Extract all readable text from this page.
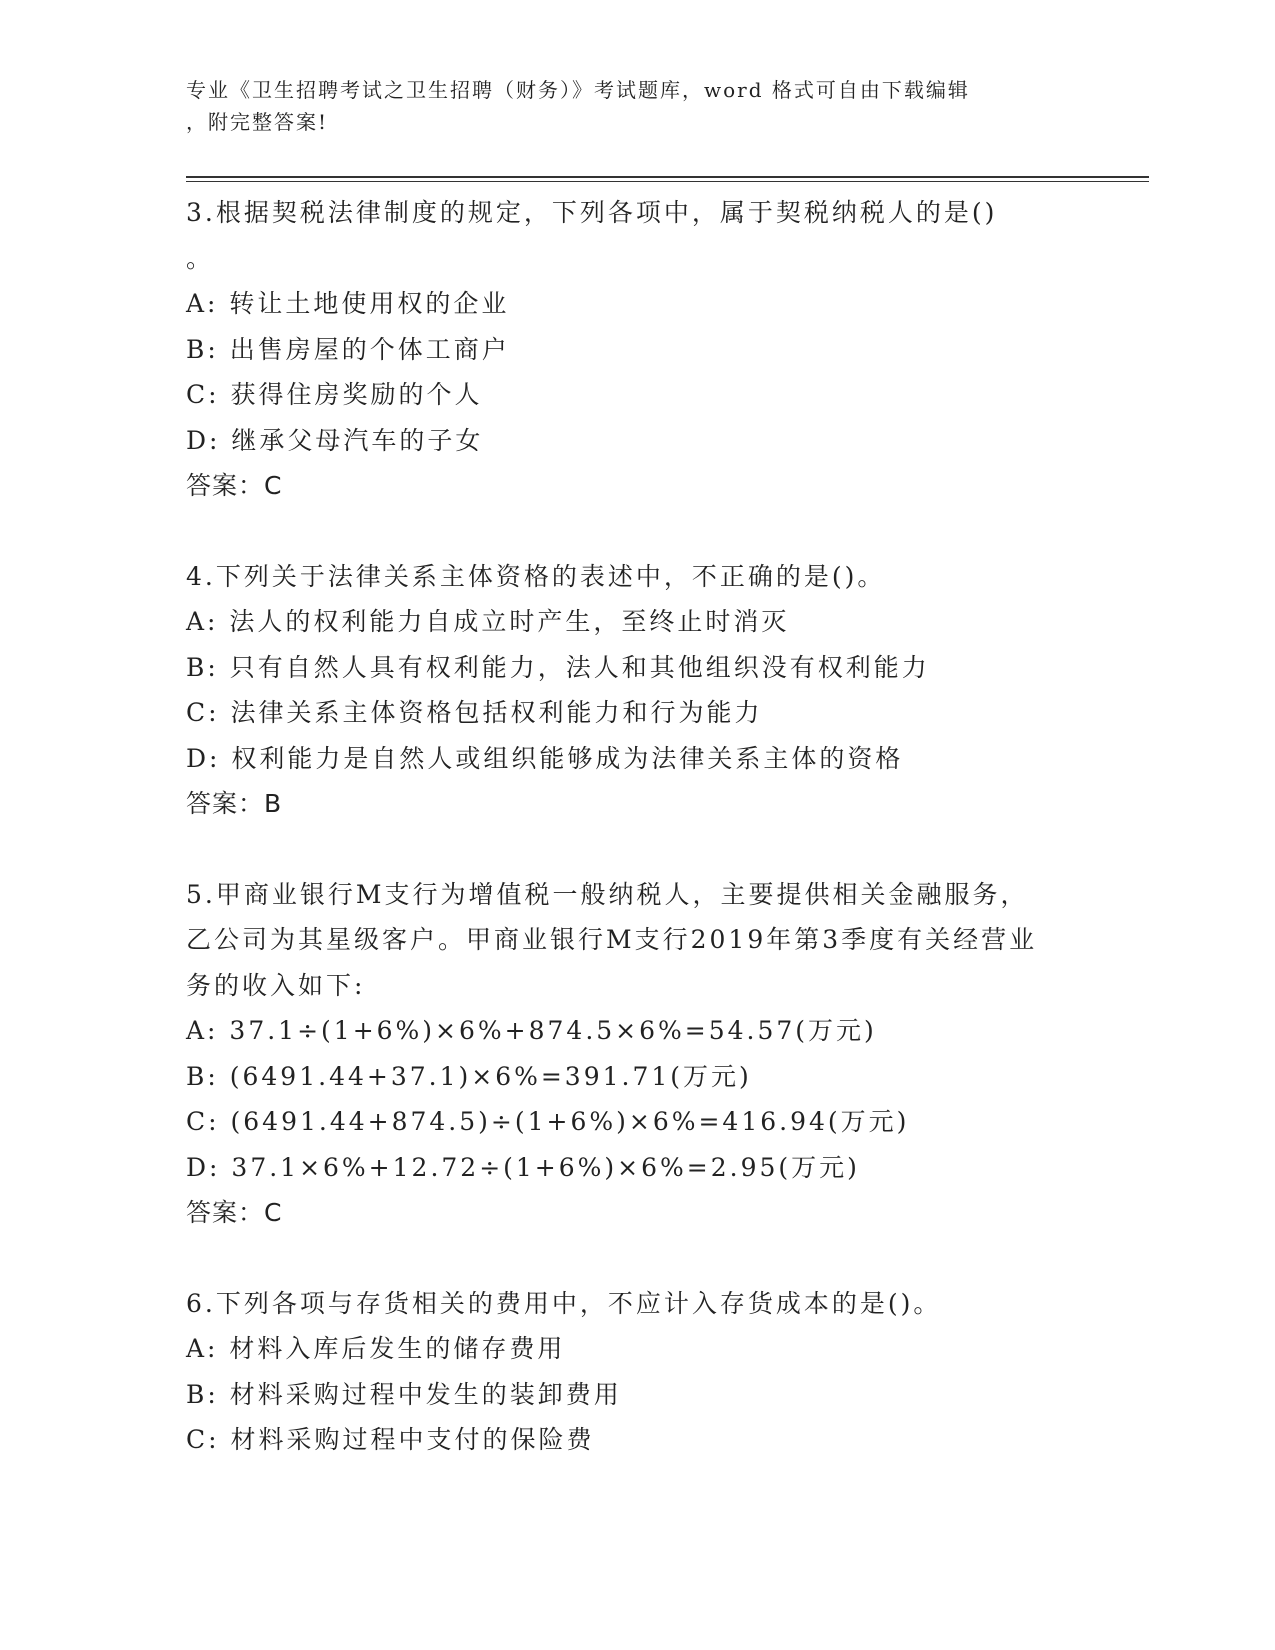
专业《卫生招聘考试之卫生招聘（财务）》考试题库，word 格式可自由下载编辑
，附完整答案!
3.根据契税法律制度的规定，下列各项中，属于契税纳税人的是()
。
A: 转让土地使用权的企业
B: 出售房屋的个体工商户
C: 获得住房奖励的个人
D: 继承父母汽车的子女
答案：C
4.下列关于法律关系主体资格的表述中，不正确的是()。
A: 法人的权利能力自成立时产生，至终止时消灭
B: 只有自然人具有权利能力，法人和其他组织没有权利能力
C: 法律关系主体资格包括权利能力和行为能力
D: 权利能力是自然人或组织能够成为法律关系主体的资格
答案：B
5.甲商业银行M支行为增值税一般纳税人，主要提供相关金融服务，
乙公司为其星级客户。甲商业银行M支行2019年第3季度有关经营业
务的收入如下:
A: 37.1÷(1+6%)×6%+874.5×6%=54.57(万元)
B: (6491.44+37.1)×6%=391.71(万元)
C: (6491.44+874.5)÷(1+6%)×6%=416.94(万元)
D: 37.1×6%+12.72÷(1+6%)×6%=2.95(万元)
答案：C
6.下列各项与存货相关的费用中，不应计入存货成本的是()。
A: 材料入库后发生的储存费用
B: 材料采购过程中发生的装卸费用
C: 材料采购过程中支付的保险费
